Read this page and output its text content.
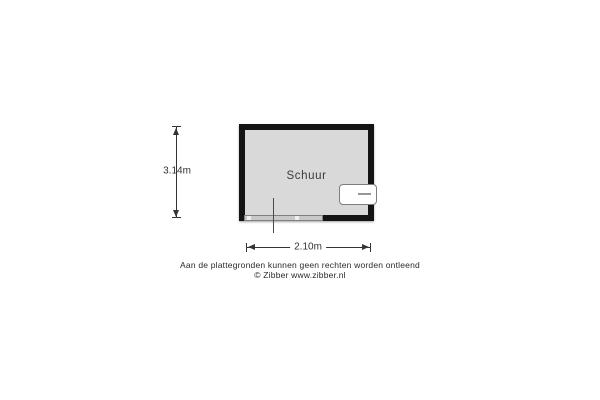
Schuur
3.14m
2.10m
Aan de plattegronden kunnen geen rechten worden ontleend
© Zibber www.zibber.nl
